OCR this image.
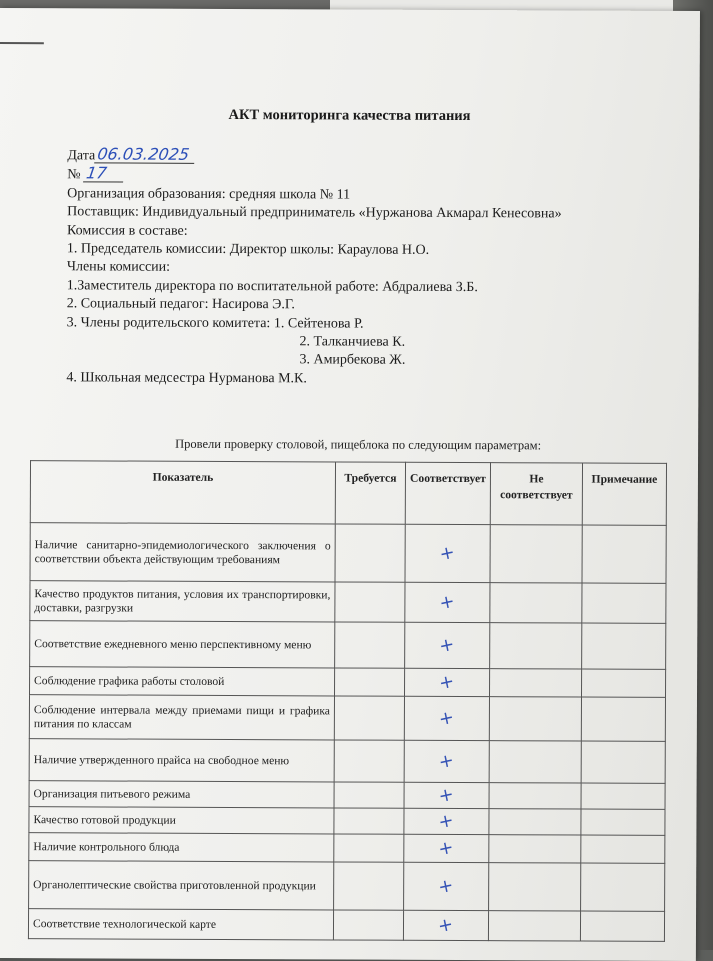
АКТ мониторинга качества питания
Дата06.03.2025
№ 17
Организация образования: средняя школа № 11
Поставщик: Индивидуальный предприниматель «Нуржанова Акмарал Кенесовна»
Комиссия в составе:
1. Председатель комиссии: Директор школы: Караулова Н.О.
Члены комиссии:
1.Заместитель директора по воспитательной работе: Абдралиева З.Б.
2. Социальный педагог: Насирова Э.Г.
3. Члены родительского комитета: 1. Сейтенова Р.
2. Талканчиева К.
3. Амирбекова Ж.
4. Школьная медсестра Нурманова М.К.
Провели проверку столовой, пищеблока по следующим параметрам:
Показатель	Требуется	Соответствует	Не соответствует	Примечание
Наличие санитарно-эпидемиологического заключения о соответствии объекта действующим требованиям		+		
Качество продуктов питания, условия их транспортировки, доставки, разгрузки		+		
Соответствие ежедневного меню перспективному меню		+		
Соблюдение графика работы столовой		+		
Соблюдение интервала между приемами пищи и графика питания по классам		+		
Наличие утвержденного прайса на свободное меню		+		
Организация питьевого режима		+		
Качество готовой продукции		+		
Наличие контрольного блюда		+		
Органолептические свойства приготовленной продукции		+		
Соответствие технологической карте		+		
